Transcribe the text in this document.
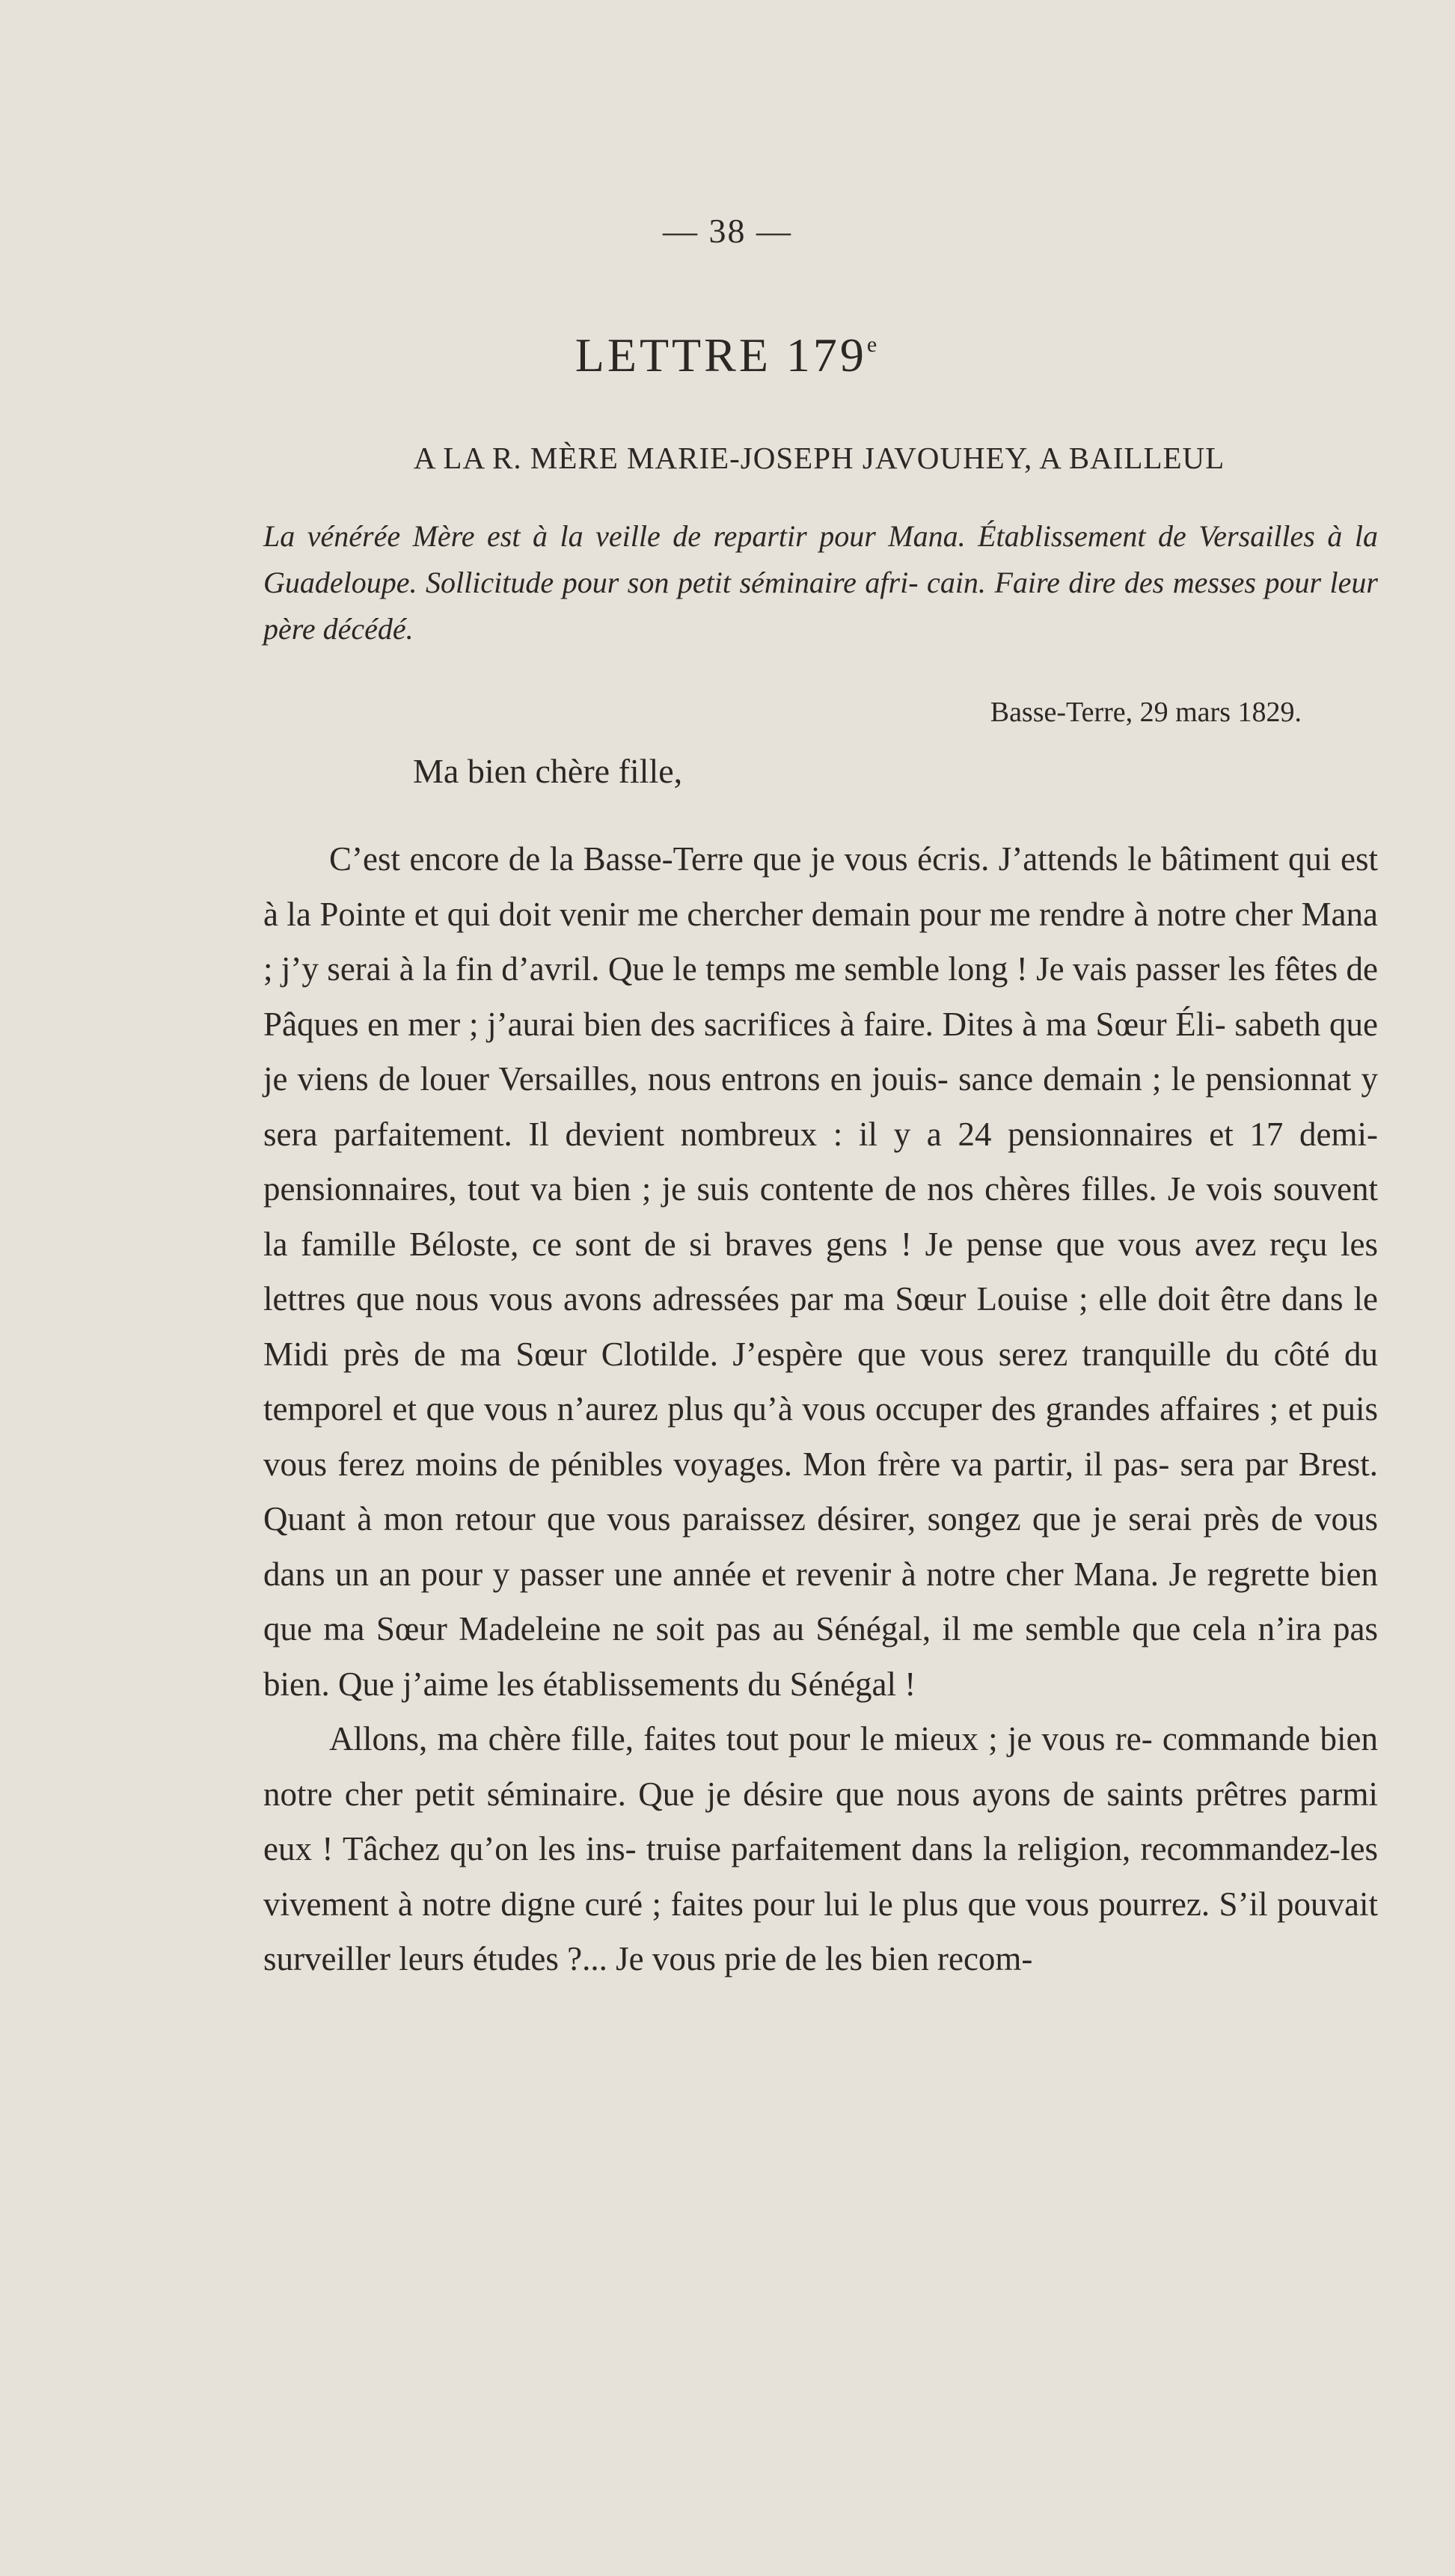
— 38 —
LETTRE 179e
A LA R. MÈRE MARIE-JOSEPH JAVOUHEY, A BAILLEUL
La vénérée Mère est à la veille de repartir pour Mana. Établissement de Versailles à la Guadeloupe. Sollicitude pour son petit séminaire afri- cain. Faire dire des messes pour leur père décédé.
Basse-Terre, 29 mars 1829.
Ma bien chère fille,

C’est encore de la Basse-Terre que je vous écris. J’attends le bâtiment qui est à la Pointe et qui doit venir me chercher demain pour me rendre à notre cher Mana ; j’y serai à la fin d’avril. Que le temps me semble long ! Je vais passer les fêtes de Pâques en mer ; j’aurai bien des sacrifices à faire. Dites à ma Sœur Éli- sabeth que je viens de louer Versailles, nous entrons en jouis- sance demain ; le pensionnat y sera parfaitement. Il devient nombreux : il y a 24 pensionnaires et 17 demi-pensionnaires, tout va bien ; je suis contente de nos chères filles. Je vois souvent la famille Béloste, ce sont de si braves gens ! Je pense que vous avez reçu les lettres que nous vous avons adressées par ma Sœur Louise ; elle doit être dans le Midi près de ma Sœur Clotilde. J’espère que vous serez tranquille du côté du temporel et que vous n’aurez plus qu’à vous occuper des grandes affaires ; et puis vous ferez moins de pénibles voyages. Mon frère va partir, il pas- sera par Brest. Quant à mon retour que vous paraissez désirer, songez que je serai près de vous dans un an pour y passer une année et revenir à notre cher Mana. Je regrette bien que ma Sœur Madeleine ne soit pas au Sénégal, il me semble que cela n’ira pas bien. Que j’aime les établissements du Sénégal !

Allons, ma chère fille, faites tout pour le mieux ; je vous re- commande bien notre cher petit séminaire. Que je désire que nous ayons de saints prêtres parmi eux ! Tâchez qu’on les ins- truise parfaitement dans la religion, recommandez-les vivement à notre digne curé ; faites pour lui le plus que vous pourrez. S’il pouvait surveiller leurs études ?... Je vous prie de les bien recom-
